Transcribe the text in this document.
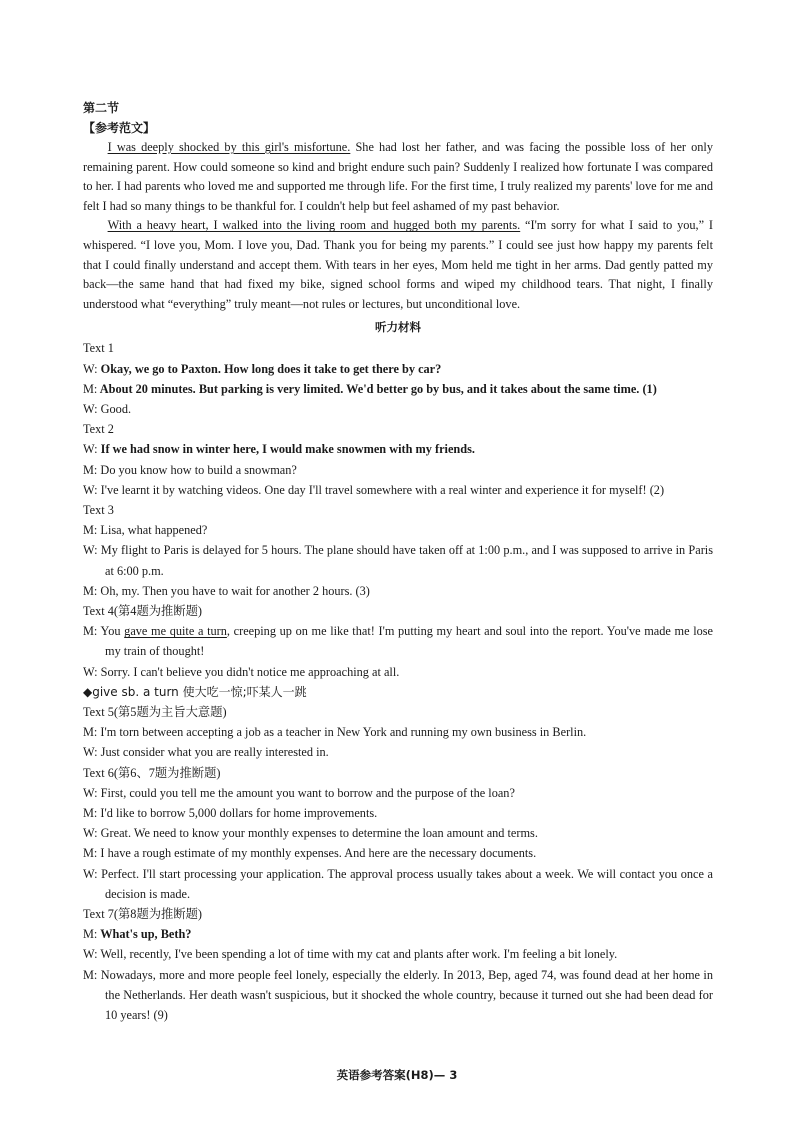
第二节
【参考范文】

I was deeply shocked by this girl's misfortune. She had lost her father, and was facing the possible loss of her only remaining parent. How could someone so kind and bright endure such pain? Suddenly I realized how fortunate I was compared to her. I had parents who loved me and supported me through life. For the first time, I truly realized my parents' love for me and felt I had so many things to be thankful for. I couldn't help but feel ashamed of my past behavior.

With a heavy heart, I walked into the living room and hugged both my parents. “I'm sorry for what I said to you,” I whispered. “I love you, Mom. I love you, Dad. Thank you for being my parents.” I could see just how happy my parents felt that I could finally understand and accept them. With tears in her eyes, Mom held me tight in her arms. Dad gently patted my back—the same hand that had fixed my bike, signed school forms and wiped my childhood tears. That night, I finally understood what “everything” truly meant—not rules or lectures, but unconditional love.

听力材料
Text 1
W: Okay, we go to Paxton. How long does it take to get there by car?
M: About 20 minutes. But parking is very limited. We'd better go by bus, and it takes about the same time. (1)
W: Good.
Text 2
W: If we had snow in winter here, I would make snowmen with my friends.
M: Do you know how to build a snowman?
W: I've learnt it by watching videos. One day I'll travel somewhere with a real winter and experience it for myself! (2)
Text 3
M: Lisa, what happened?
W: My flight to Paris is delayed for 5 hours. The plane should have taken off at 1:00 p.m., and I was supposed to arrive in Paris at 6:00 p.m.
M: Oh, my. Then you have to wait for another 2 hours. (3)
Text 4(第4题为推断题)
M: You gave me quite a turn, creeping up on me like that! I'm putting my heart and soul into the report. You've made me lose my train of thought!
W: Sorry. I can't believe you didn't notice me approaching at all.
◆give sb. a turn 使大吃一惊;吓某人一跳
Text 5(第5题为主旨大意题)
M: I'm torn between accepting a job as a teacher in New York and running my own business in Berlin.
W: Just consider what you are really interested in.
Text 6(第6、7题为推断题)
W: First, could you tell me the amount you want to borrow and the purpose of the loan?
M: I'd like to borrow 5,000 dollars for home improvements.
W: Great. We need to know your monthly expenses to determine the loan amount and terms.
M: I have a rough estimate of my monthly expenses. And here are the necessary documents.
W: Perfect. I'll start processing your application. The approval process usually takes about a week. We will contact you once a decision is made.
Text 7(第8题为推断题)
M: What's up, Beth?
W: Well, recently, I've been spending a lot of time with my cat and plants after work. I'm feeling a bit lonely.
M: Nowadays, more and more people feel lonely, especially the elderly. In 2013, Bep, aged 74, was found dead at her home in the Netherlands. Her death wasn't suspicious, but it shocked the whole country, because it turned out she had been dead for 10 years! (9)
英语参考答案(H8)— 3
